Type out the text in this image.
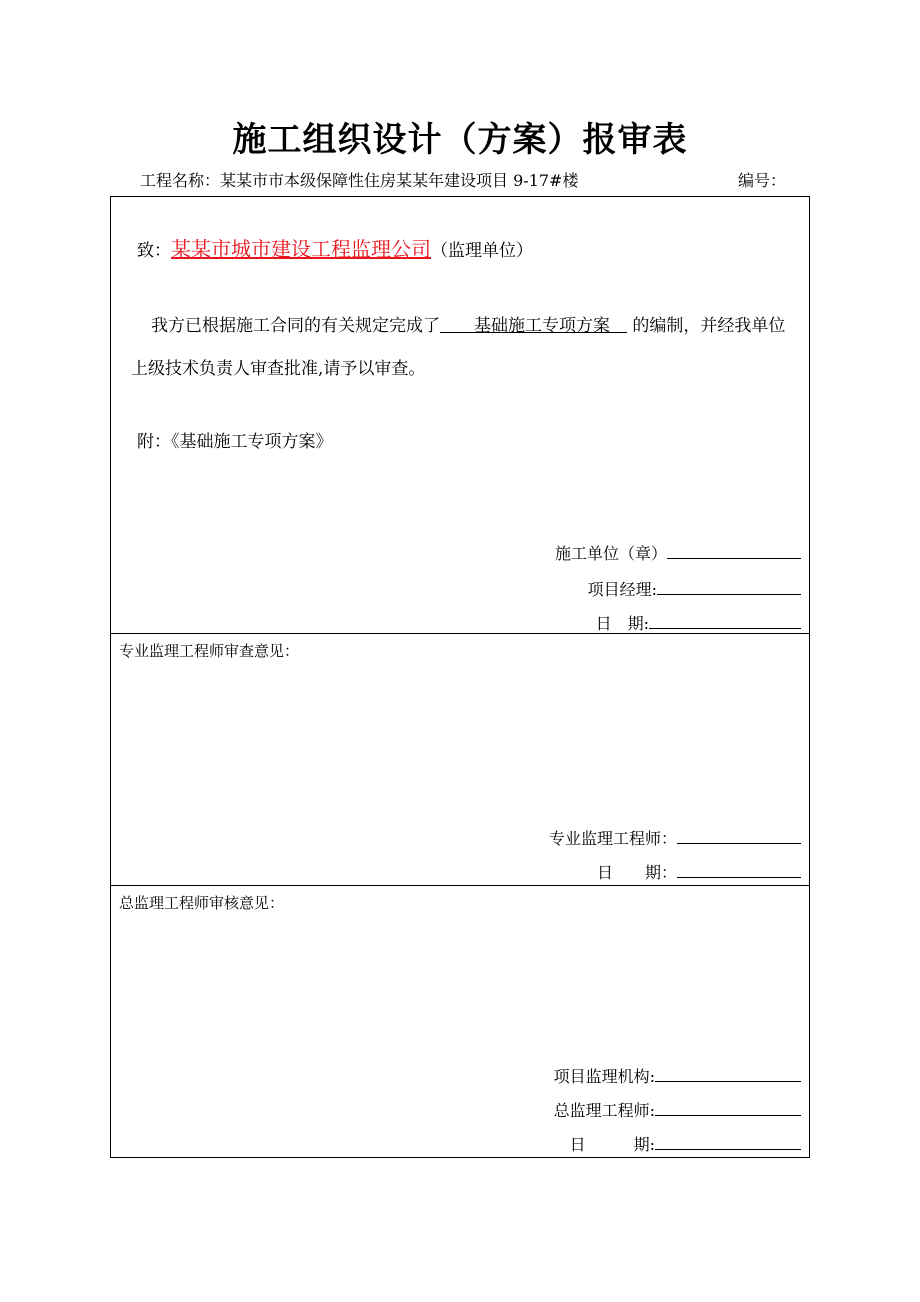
施工组织设计（方案）报审表
工程名称：某某市市本级保障性住房某某年建设项目 9-17#楼	编号：
致：某某市城市建设工程监理公司（监理单位）
我方已根据施工合同的有关规定完成了　　基础施工专项方案　 的编制，并经我单位上级技术负责人审查批准,请予以审查。
附：《基础施工专项方案》
施工单位（章）
项目经理:
日　期:
专业监理工程师审查意见：
专业监理工程师：
日　　期：
总监理工程师审核意见：
项目监理机构:
总监理工程师:
日　　　期:
